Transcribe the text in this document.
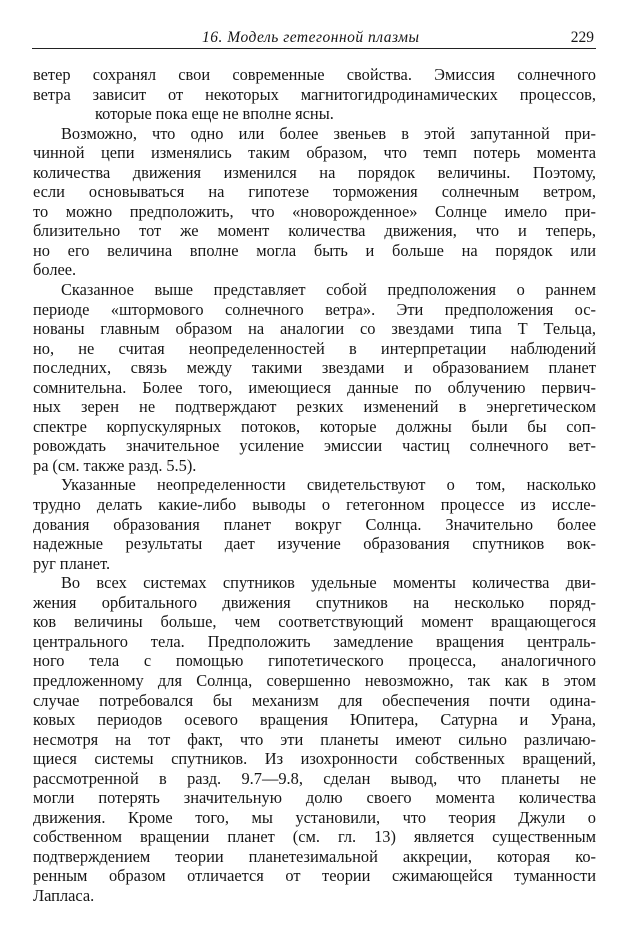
16. Модель гетегонной плазмы	229
ветер сохранял свои современные свойства. Эмиссия солнечного
ветра зависит от некоторых магнитогидродинамических процессов,
которые пока еще не вполне ясны.
Возможно, что одно или более звеньев в этой запутанной при-
чинной цепи изменялись таким образом, что темп потерь момента
количества движения изменился на порядок величины. Поэтому,
если основываться на гипотезе торможения солнечным ветром,
то можно предположить, что «новорожденное» Солнце имело при-
близительно тот же момент количества движения, что и теперь,
но его величина вполне могла быть и больше на порядок или
более.
Сказанное выше представляет собой предположения о раннем
периоде «штормового солнечного ветра». Эти предположения ос-
нованы главным образом на аналогии со звездами типа Т Тельца,
но, не считая неопределенностей в интерпретации наблюдений
последних, связь между такими звездами и образованием планет
сомнительна. Более того, имеющиеся данные по облучению первич-
ных зерен не подтверждают резких изменений в энергетическом
спектре корпускулярных потоков, которые должны были бы соп-
ровождать значительное усиление эмиссии частиц солнечного вет-
ра (см. также разд. 5.5).
Указанные неопределенности свидетельствуют о том, насколько
трудно делать какие-либо выводы о гетегонном процессе из иссле-
дования образования планет вокруг Солнца. Значительно более
надежные результаты дает изучение образования спутников вок-
руг планет.
Во всех системах спутников удельные моменты количества дви-
жения орбитального движения спутников на несколько поряд-
ков величины больше, чем соответствующий момент вращающегося
центрального тела. Предположить замедление вращения централь-
ного тела с помощью гипотетического процесса, аналогичного
предложенному для Солнца, совершенно невозможно, так как в этом
случае потребовался бы механизм для обеспечения почти одина-
ковых периодов осевого вращения Юпитера, Сатурна и Урана,
несмотря на тот факт, что эти планеты имеют сильно различаю-
щиеся системы спутников. Из изохронности собственных вращений,
рассмотренной в разд. 9.7—9.8, сделан вывод, что планеты не
могли потерять значительную долю своего момента количества
движения. Кроме того, мы установили, что теория Джули о
собственном вращении планет (см. гл. 13) является существенным
подтверждением теории планетезимальной аккреции, которая ко-
ренным образом отличается от теории сжимающейся туманности
Лапласа.
